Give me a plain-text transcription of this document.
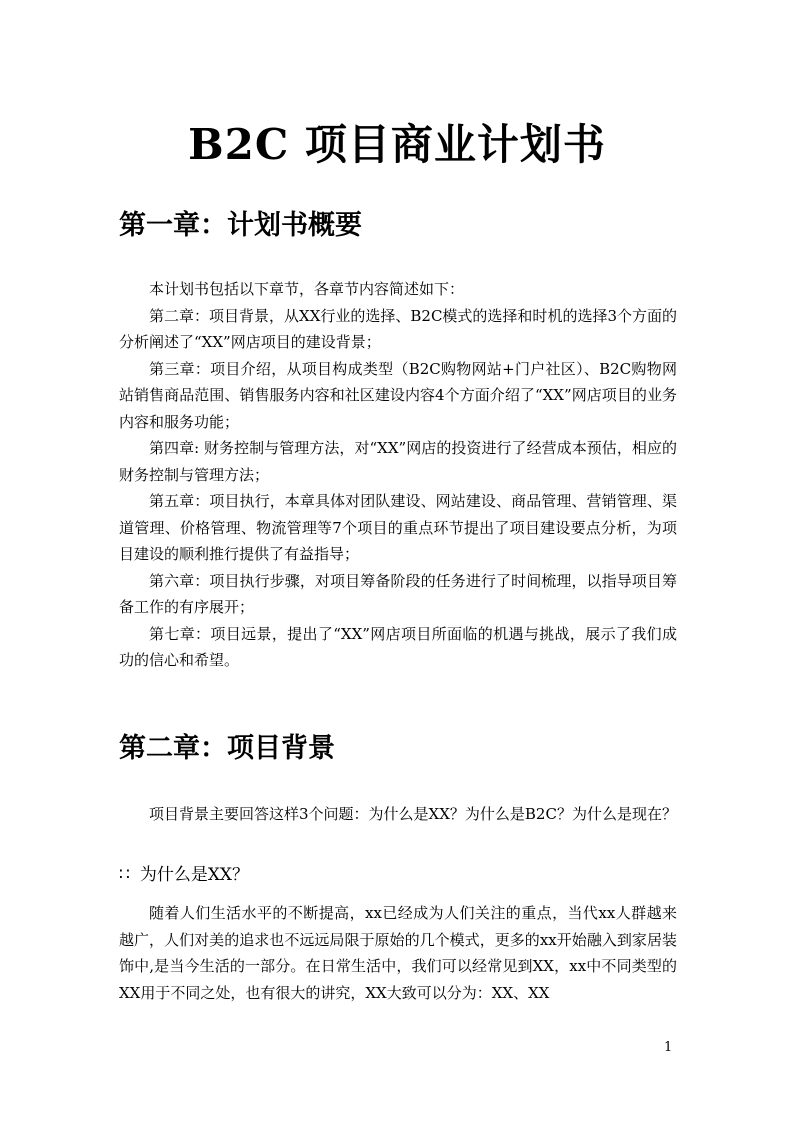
B2C 项目商业计划书
第一章：计划书概要

本计划书包括以下章节，各章节内容简述如下：

第二章：项目背景，从XX行业的选择、B2C模式的选择和时机的选择3个方面的分析阐述了“XX”网店项目的建设背景；

第三章：项目介绍，从项目构成类型（B2C购物网站+门户社区）、B2C购物网站销售商品范围、销售服务内容和社区建设内容4个方面介绍了“XX”网店项目的业务内容和服务功能；

第四章: 财务控制与管理方法，对“XX”网店的投资进行了经营成本预估，相应的财务控制与管理方法；

第五章：项目执行，本章具体对团队建设、网站建设、商品管理、营销管理、渠道管理、价格管理、物流管理等7个项目的重点环节提出了项目建设要点分析，为项目建设的顺利推行提供了有益指导；

第六章：项目执行步骤，对项目筹备阶段的任务进行了时间梳理，以指导项目筹备工作的有序展开；

第七章：项目远景，提出了“XX”网店项目所面临的机遇与挑战，展示了我们成功的信心和希望。

第二章：项目背景

项目背景主要回答这样3个问题：为什么是XX？为什么是B2C？为什么是现在？

∷ 为什么是XX？

随着人们生活水平的不断提高，xx已经成为人们关注的重点，当代xx人群越来越广，人们对美的追求也不远远局限于原始的几个模式，更多的xx开始融入到家居装饰中,是当今生活的一部分。在日常生活中，我们可以经常见到XX，xx中不同类型的XX用于不同之处，也有很大的讲究，XX大致可以分为：XX、XX

1
